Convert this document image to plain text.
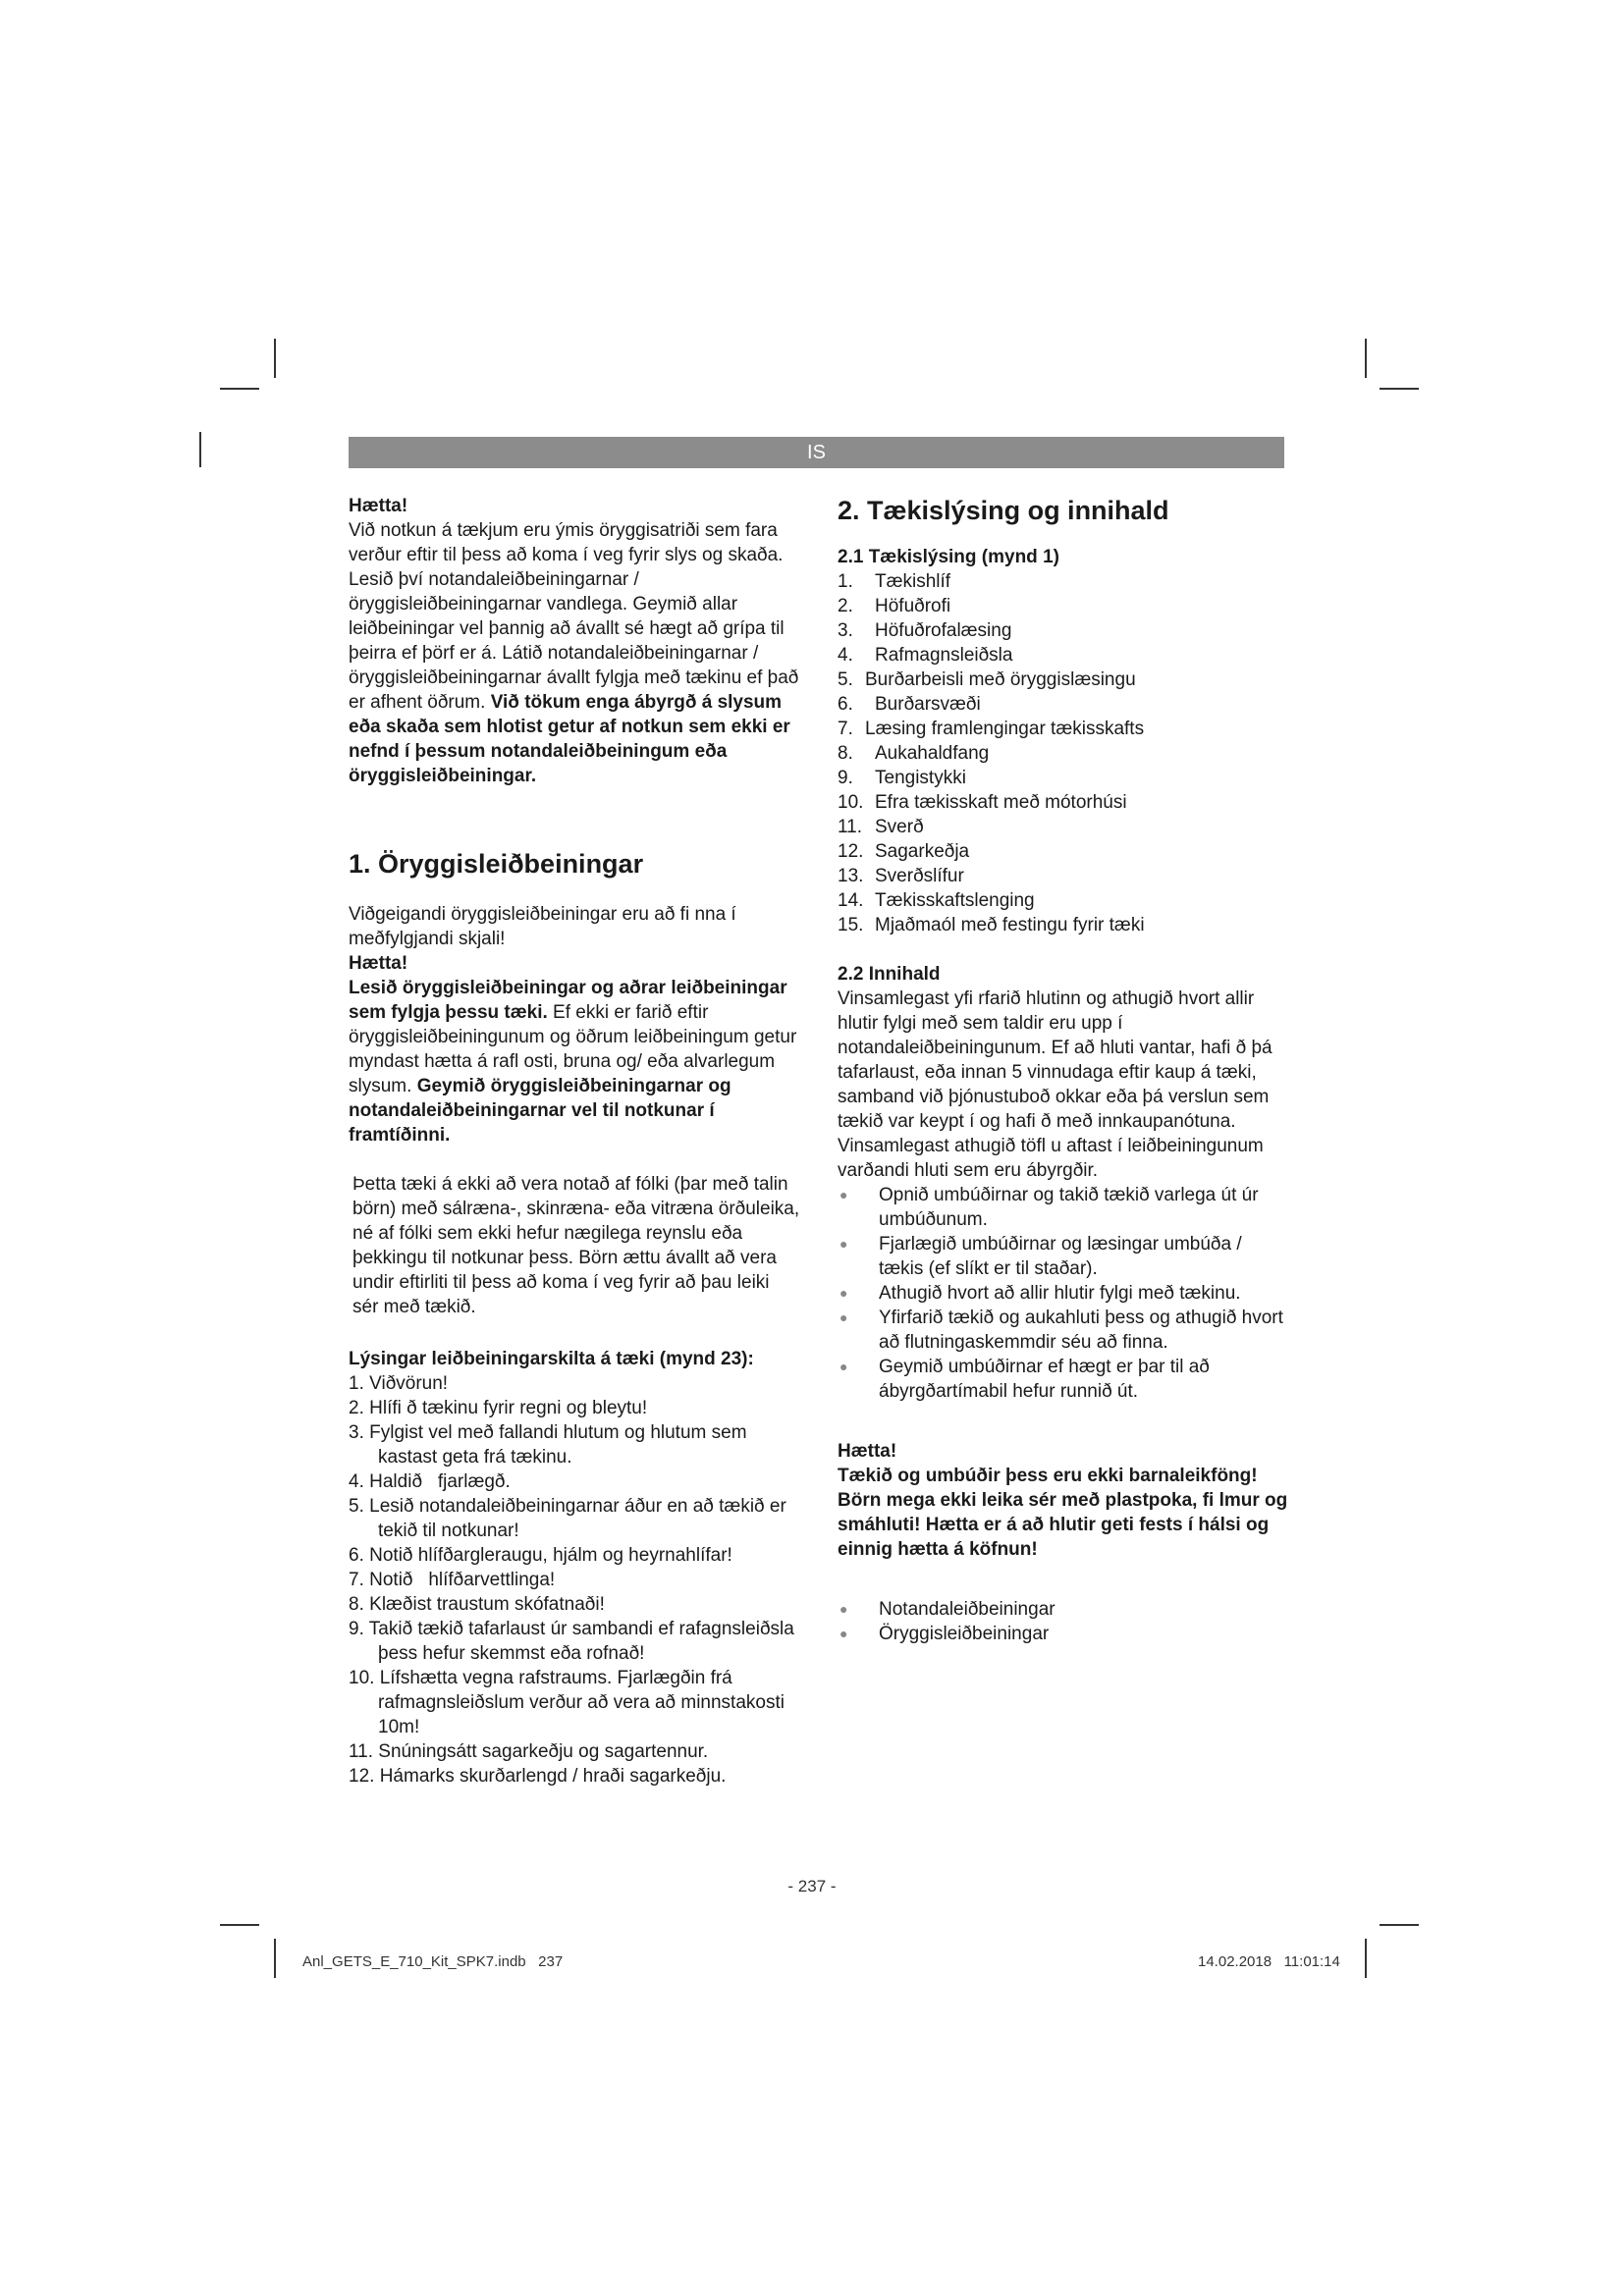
IS

Hætta!

Við notkun á tækjum eru ýmis öryggisatriði sem fara verður eftir til þess að koma í veg fyrir slys og skaða. Lesið því notandaleiðbeiningarnar / öryggisleiðbeiningarnar vandlega. Geymið allar leiðbeiningar vel þannig að ávallt sé hægt að grípa til þeirra ef þörf er á. Látið notandaleiðbeiningarnar / öryggisleiðbeiningarnar ávallt fylgja með tækinu ef það er afhent öðrum. Við tökum enga ábyrgð á slysum eða skaða sem hlotist getur af notkun sem ekki er nefnd í þessum notandaleiðbeiningum eða öryggisleiðbeiningar.

1. Öryggisleiðbeiningar

Viðgeigandi öryggisleiðbeiningar eru að fi nna í meðfylgjandi skjali!

Hætta!

Lesið öryggisleiðbeiningar og aðrar leiðbeiningar sem fylgja þessu tæki. Ef ekki er farið eftir öryggisleiðbeiningunum og öðrum leiðbeiningum getur myndast hætta á rafl osti, bruna og/ eða alvarlegum slysum. Geymið öryggisleiðbeiningarnar og notandaleiðbeiningarnar vel til notkunar í framtíðinni.

Þetta tæki á ekki að vera notað af fólki (þar með talin börn) með sálræna-, skinræna- eða vitræna örðuleika, né af fólki sem ekki hefur nægilega reynslu eða þekkingu til notkunar þess. Börn ættu ávallt að vera undir eftirliti til þess að koma í veg fyrir að þau leiki sér með tækið.

Lýsingar leiðbeiningarskilta á tæki (mynd 23):

1. Viðvörun!
2. Hlífi ð tækinu fyrir regni og bleytu!
3. Fylgist vel með fallandi hlutum og hlutum sem kastast geta frá tækinu.
4. Haldið   fjarlægð.
5. Lesið notandaleiðbeiningarnar áður en að tækið er tekið til notkunar!
6. Notið hlífðargleraugu, hjálm og heyrnahlífar!
7. Notið   hlífðarvettlinga!
8. Klæðist traustum skófatnaði!
9. Takið tækið tafarlaust úr sambandi ef rafagnsleiðsla þess hefur skemmst eða rofnað!
10. Lífshætta vegna rafstraums. Fjarlægðin frá rafmagnsleiðslum verður að vera að minnstakosti 10m!
11. Snúningsátt sagarkeðju og sagartennur.
12. Hámarks skurðarlengd / hraði sagarkeðju.

2. Tækislýsing og innihald

2.1 Tækislýsing (mynd 1)

1.	Tækishlíf
2.	Höfuðrofi
3.	Höfuðrofalæsing
4.	Rafmagnsleiðsla
5. Burðarbeisli með öryggislæsingu
6.	Burðarsvæði
7. Læsing framlengingar tækisskafts
8.	Aukahaldfang
9.	Tengistykki
10. Efra tækisskaft með mótorhúsi
11. Sverð
12. Sagarkeðja
13. Sverðslífur
14. Tækisskaftslenging
15. Mjaðmaól með festingu fyrir tæki

2.2 Innihald

Vinsamlegast yfi rfarið hlutinn og athugið hvort allir hlutir fylgi með sem taldir eru upp í notandaleiðbeiningunum. Ef að hluti vantar, hafi ð þá tafarlaust, eða innan 5 vinnudaga eftir kaup á tæki, samband við þjónustuboð okkar eða þá verslun sem tækið var keypt í og hafi ð með innkaupanótuna. Vinsamlegast athugið töfl u aftast í leiðbeiningunum varðandi hluti sem eru ábyrgðir.

● Opnið umbúðirnar og takið tækið varlega út úr umbúðunum.
● Fjarlægið umbúðirnar og læsingar umbúða / tækis (ef slíkt er til staðar).
● Athugið hvort að allir hlutir fylgi með tækinu.
● Yfirfarið tækið og aukahluti þess og athugið hvort að flutningaskemmdir séu að finna.
● Geymið umbúðirnar ef hægt er þar til að ábyrgðartímabil hefur runnið út.

Hætta!

Tækið og umbúðir þess eru ekki barnaleikföng! Börn mega ekki leika sér með plastpoka, fi lmur og smáhluti! Hætta er á að hlutir geti fests í hálsi og einnig hætta á köfnun!

● Notandaleiðbeiningar
● Öryggisleiðbeiningar
- 237 -
Anl_GETS_E_710_Kit_SPK7.indb   237	14.02.2018   11:01:14
